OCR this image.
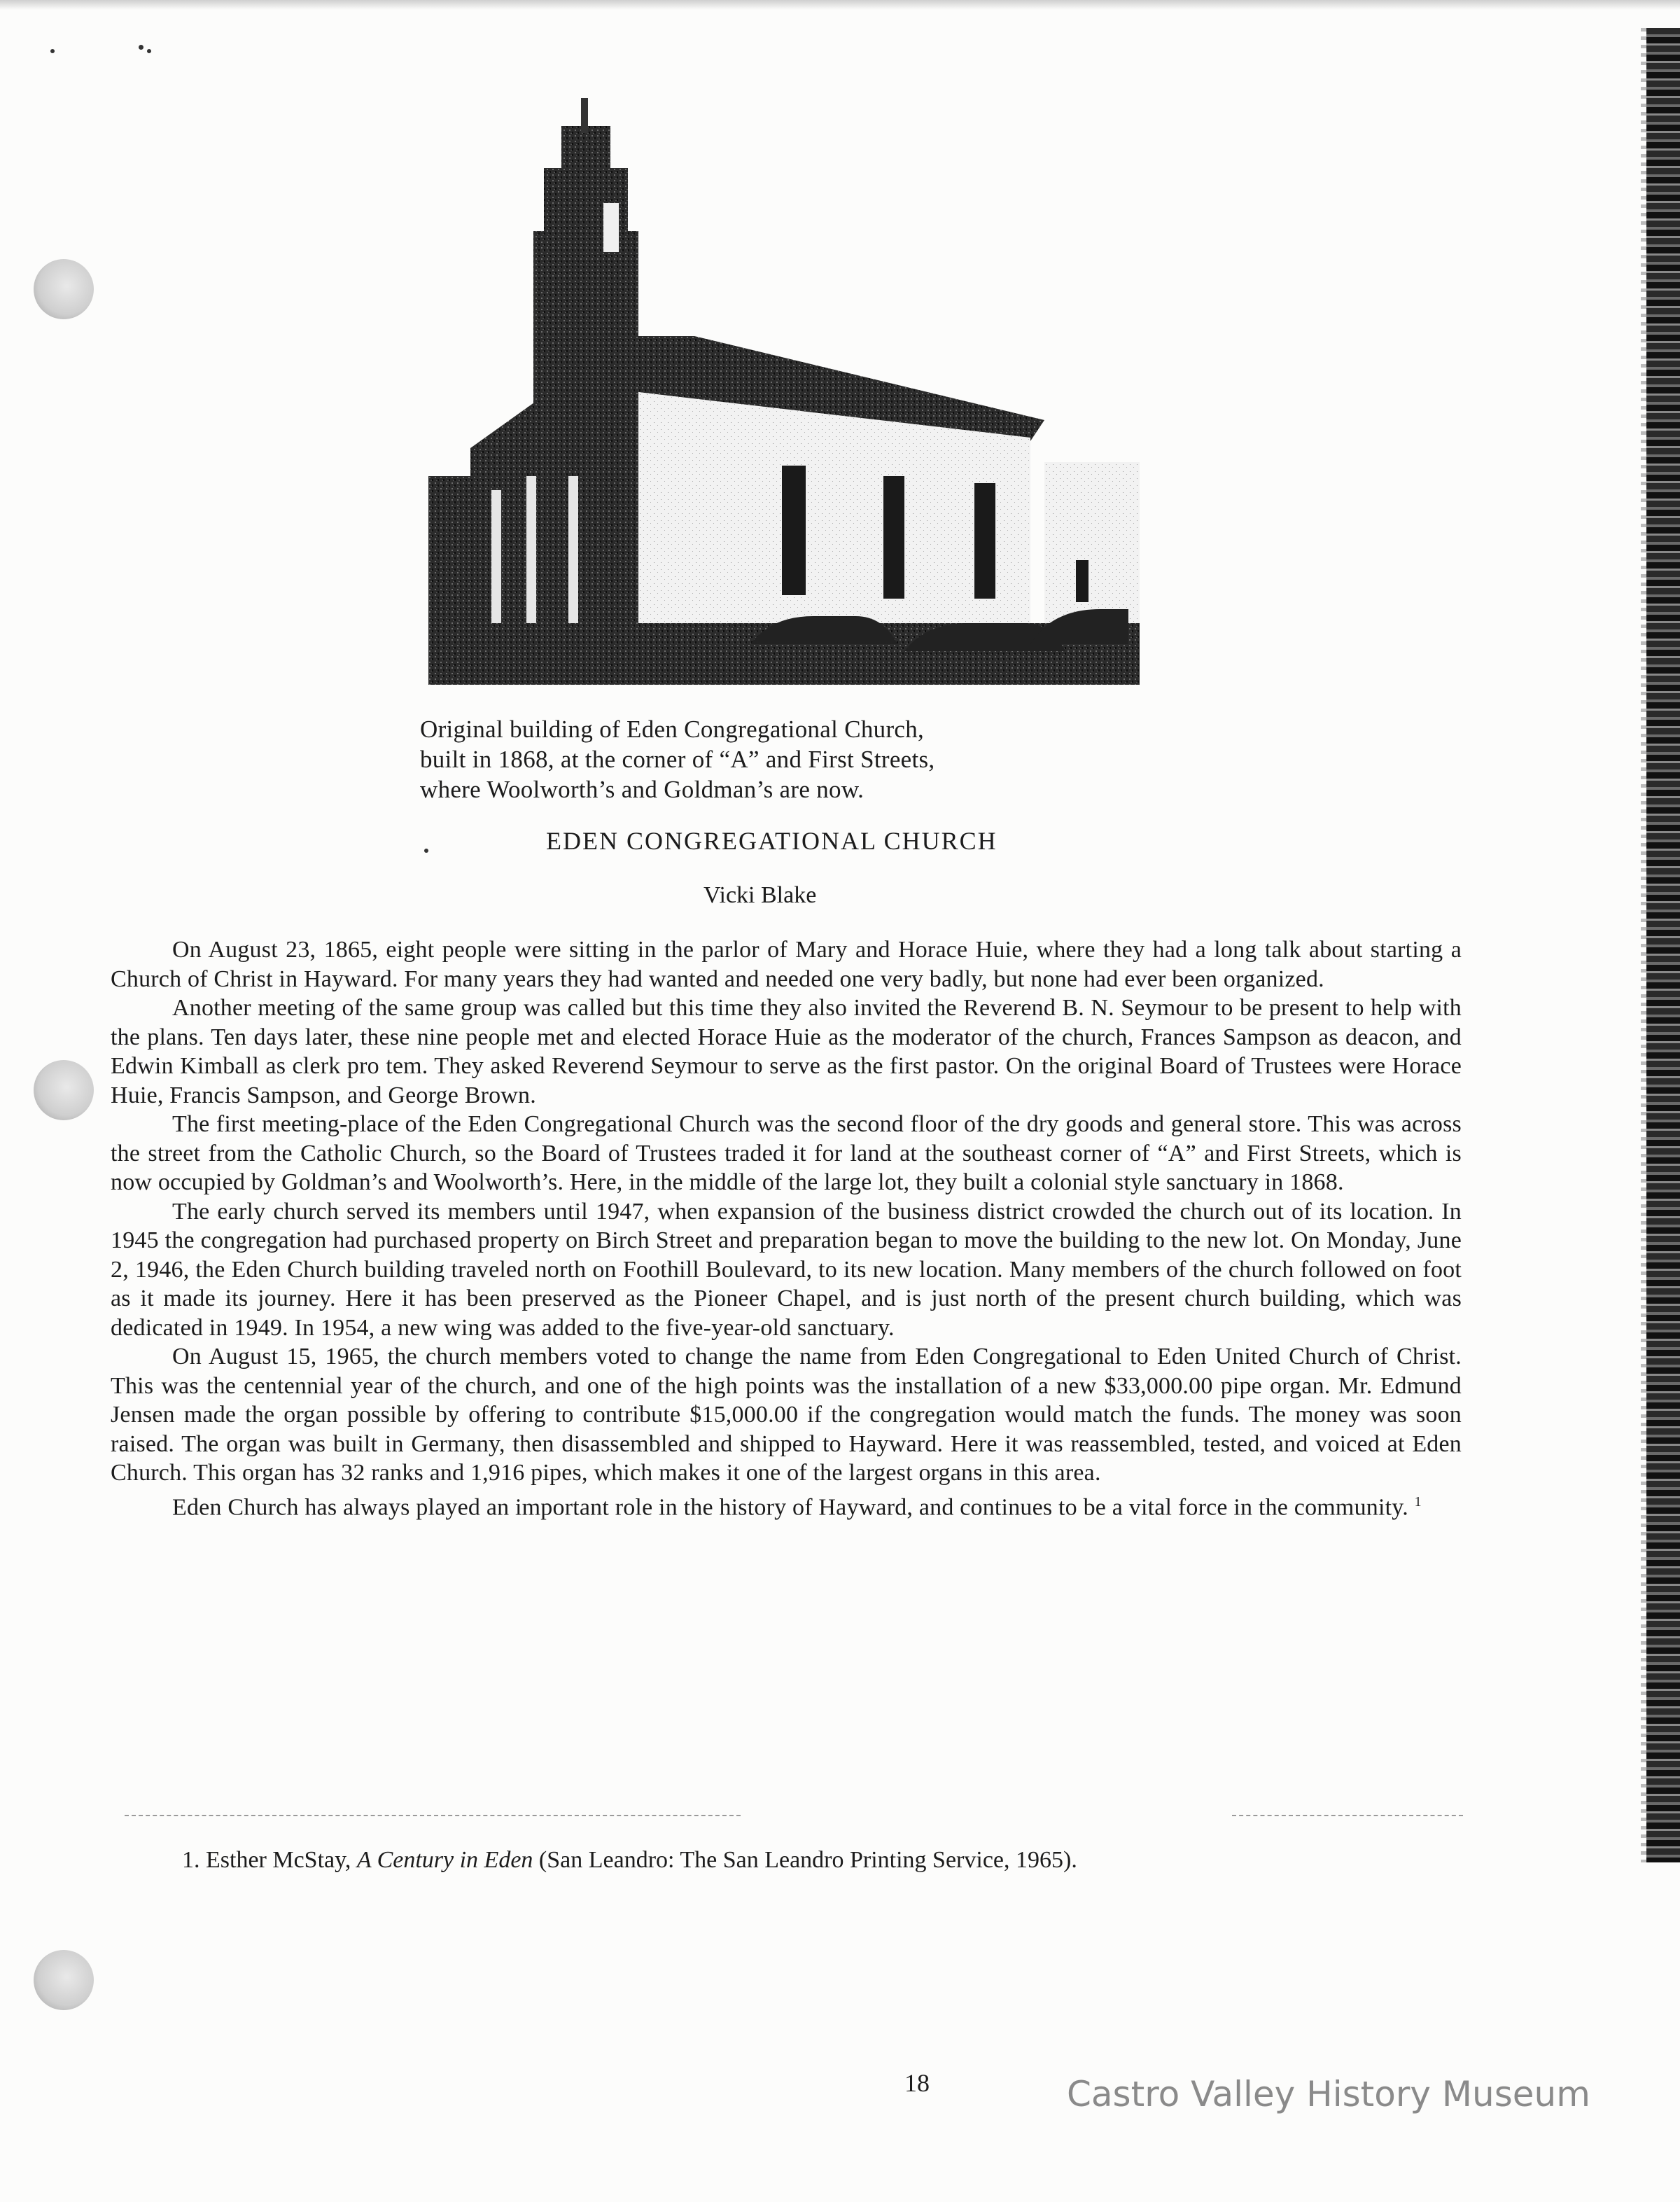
Original building of Eden Congregational Church,
built in 1868, at the corner of “A” and First Streets,
where Woolworth’s and Goldman’s are now.
EDEN CONGREGATIONAL CHURCH
Vicki Blake

On August 23, 1865, eight people were sitting in the parlor of Mary and Horace Huie, where they had a long talk about starting a Church of Christ in Hayward. For many years they had wanted and needed one very badly, but none had ever been organized.

Another meeting of the same group was called but this time they also invited the Reverend B. N. Seymour to be present to help with the plans. Ten days later, these nine people met and elected Horace Huie as the moderator of the church, Frances Sampson as deacon, and Edwin Kimball as clerk pro tem. They asked Reverend Seymour to serve as the first pastor. On the original Board of Trustees were Horace Huie, Francis Sampson, and George Brown.

The first meeting-place of the Eden Congregational Church was the second floor of the dry goods and general store. This was across the street from the Catholic Church, so the Board of Trustees traded it for land at the southeast corner of “A” and First Streets, which is now occupied by Goldman’s and Woolworth’s. Here, in the middle of the large lot, they built a colonial style sanctuary in 1868.

The early church served its members until 1947, when expansion of the business district crowded the church out of its location. In 1945 the congregation had purchased property on Birch Street and preparation began to move the building to the new lot. On Monday, June 2, 1946, the Eden Church building traveled north on Foothill Boulevard, to its new location. Many members of the church followed on foot as it made its journey. Here it has been preserved as the Pioneer Chapel, and is just north of the present church building, which was dedicated in 1949. In 1954, a new wing was added to the five-year-old sanctuary.

On August 15, 1965, the church members voted to change the name from Eden Congregational to Eden United Church of Christ. This was the centennial year of the church, and one of the high points was the installation of a new $33,000.00 pipe organ. Mr. Edmund Jensen made the organ possible by offering to contribute $15,000.00 if the congregation would match the funds. The money was soon raised. The organ was built in Germany, then disassembled and shipped to Hayward. Here it was reassembled, tested, and voiced at Eden Church. This organ has 32 ranks and 1,916 pipes, which makes it one of the largest organs in this area.

Eden Church has always played an important role in the history of Hayward, and continues to be a vital force in the community. $^1$

1. Esther McStay, A Century in Eden (San Leandro: The San Leandro Printing Service, 1965).
18	Castro Valley History Museum
